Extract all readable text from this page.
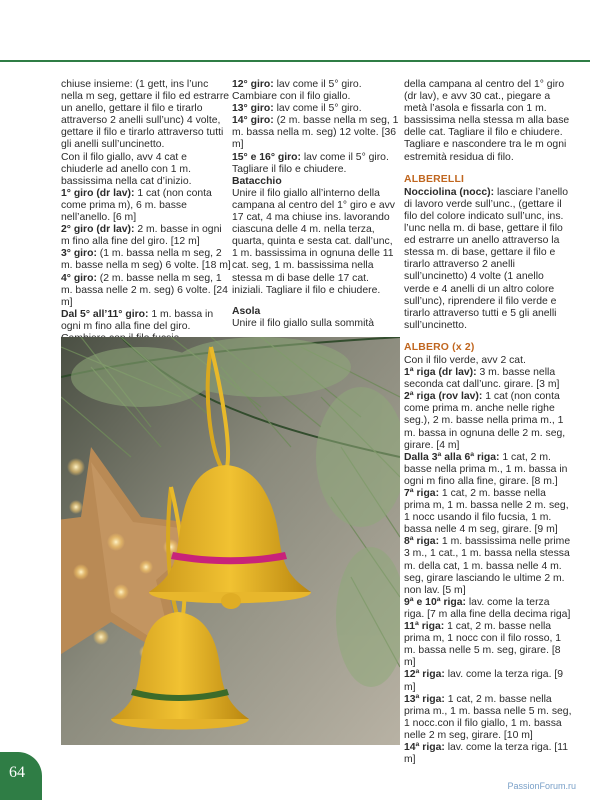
chiuse insieme: (1 gett, ins l’unc nella m seg, gettare il filo ed estrarre un anello, gettare il filo e tirarlo attraverso 2 anelli sull’unc) 4 volte, gettare il filo e tirarlo attraverso tutti gli anelli sull’uncinetto.

Con il filo giallo, avv 4 cat e chiuderle ad anello con 1 m. bassissima nella cat d’inizio.

1° giro (dr lav): 1 cat (non conta come prima m), 6 m. basse nell’anello. [6 m]

2° giro (dr lav): 2 m. basse in ogni m fino alla fine del giro. [12 m]

3° giro: (1 m. bassa nella m seg, 2 m. basse nella m seg) 6 volte. [18 m]

4° giro: (2 m. basse nella m seg, 1 m. bassa nelle 2 m. seg) 6 volte. [24 m]

Dal 5° all’11° giro: 1 m. bassa in ogni m fino alla fine del giro.

12° giro: lav come il 5° giro. Cambiare con il filo giallo.

13° giro: lav come il 5° giro.

14° giro: (2 m. basse nella m seg, 1 m. bassa nella m. seg) 12 volte. [36 m]

15° e 16° giro: lav come il 5° giro. Tagliare il filo e chiudere.

Batacchio

Unire il filo giallo all’interno della campana al centro del 1° giro e avv 17 cat, 4 ma chiuse ins. lavorando ciascuna delle 4 m. nella terza, quarta, quinta e sesta cat. dall’unc, 1 m. bassissima in ognuna delle 11 cat. seg, 1 m. bassissima nella stessa m di base delle 17 cat. iniziali. Tagliare il filo e chiudere.

Asola

Unire il filo giallo sulla sommità

della campana al centro del 1° giro (dr lav), e avv 30 cat., piegare a metà l’asola e fissarla con 1 m. bassissima nella stessa m alla base delle cat. Tagliare il filo e chiudere.

Tagliare e nascondere tra le m ogni estremità residua di filo.

ALBERELLI

Nocciolina (nocc): lasciare l’anello di lavoro verde sull’unc., (gettare il filo del colore indicato sull’unc, ins. l’unc nella m. di base, gettare il filo ed estrarre un anello attraverso la stessa m. di base, gettare il filo e tirarlo attraverso 2 anelli sull’uncinetto) 4 volte (1 anello verde e 4 anelli di un altro colore sull’unc), riprendere il filo verde e tirarlo attraverso tutti e 5 gli anelli sull’uncinetto.

ALBERO (x 2)

Con il filo verde, avv 2 cat.

1ª riga (dr lav): 3 m. basse nella seconda cat dall’unc. girare. [3 m]

2ª riga (rov lav): 1 cat (non conta come prima m. anche nelle righe seg.), 2 m. basse nella prima m., 1 m. bassa in ognuna delle 2 m. seg, girare. [4 m]

Dalla 3ª alla 6ª riga: 1 cat, 2 m. basse nella prima m., 1 m. bassa in ogni m fino alla fine, girare. [8 m.]

7ª riga: 1 cat, 2 m. basse nella prima m, 1 m. bassa nelle 2 m. seg, 1 nocc usando il filo fucsia, 1 m. bassa nelle 4 m seg, girare. [9 m]

8ª riga: 1 m. bassissima nelle prime 3 m., 1 cat., 1 m. bassa nella stessa m. della cat, 1 m. bassa nelle 4 m. seg, girare lasciando le ultime 2 m. non lav. [5 m]

9ª e 10ª riga: lav. come la terza riga. [7 m alla fine della decima riga]

11ª riga: 1 cat, 2 m. basse nella prima m, 1 nocc con il filo rosso, 1 m. bassa nelle 5 m. seg, girare. [8 m]

12ª riga: lav. come la terza riga. [9 m]

13ª riga: 1 cat, 2 m. basse nella prima m., 1 m. bassa nelle 5 m. seg, 1 nocc.con il filo giallo, 1 m. bassa nelle 2 m seg, girare. [10 m]

14ª riga: lav. come la terza riga. [11 m]

64
PassionForum.ru
